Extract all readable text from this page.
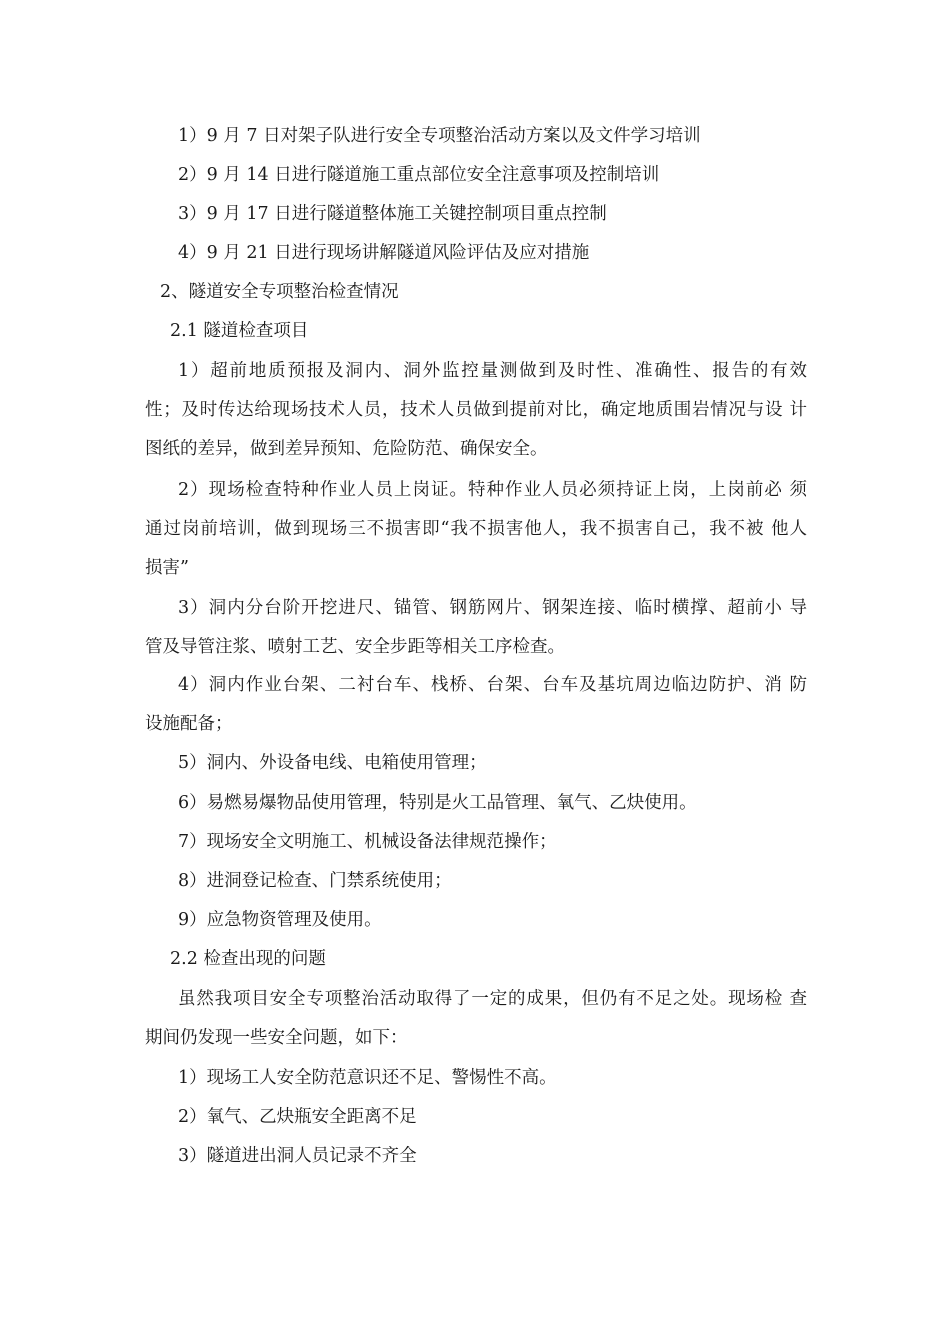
1）9 月 7 日对架子队进行安全专项整治活动方案以及文件学习培训
2）9 月 14 日进行隧道施工重点部位安全注意事项及控制培训
3）9 月 17 日进行隧道整体施工关键控制项目重点控制
4）9 月 21 日进行现场讲解隧道风险评估及应对措施
2、隧道安全专项整治检查情况
2.1 隧道检查项目
1）超前地质预报及洞内、洞外监控量测做到及时性、准确性、报告的有效
性；及时传达给现场技术人员，技术人员做到提前对比，确定地质围岩情况与设 计
图纸的差异，做到差异预知、危险防范、确保安全。
2）现场检查特种作业人员上岗证。特种作业人员必须持证上岗，上岗前必 须
通过岗前培训，做到现场三不损害即“我不损害他人，我不损害自己，我不被 他人
损害”
3）洞内分台阶开挖进尺、锚管、钢筋网片、钢架连接、临时横撑、超前小 导
管及导管注浆、喷射工艺、安全步距等相关工序检查。
4）洞内作业台架、二衬台车、栈桥、台架、台车及基坑周边临边防护、消 防
设施配备；
5）洞内、外设备电线、电箱使用管理；
6）易燃易爆物品使用管理，特别是火工品管理、氧气、乙炔使用。
7）现场安全文明施工、机械设备法律规范操作；
8）进洞登记检查、门禁系统使用；
9）应急物资管理及使用。
2.2 检查出现的问题
虽然我项目安全专项整治活动取得了一定的成果，但仍有不足之处。现场检 查
期间仍发现一些安全问题，如下：
1）现场工人安全防范意识还不足、警惕性不高。
2）氧气、乙炔瓶安全距离不足
3）隧道进出洞人员记录不齐全
